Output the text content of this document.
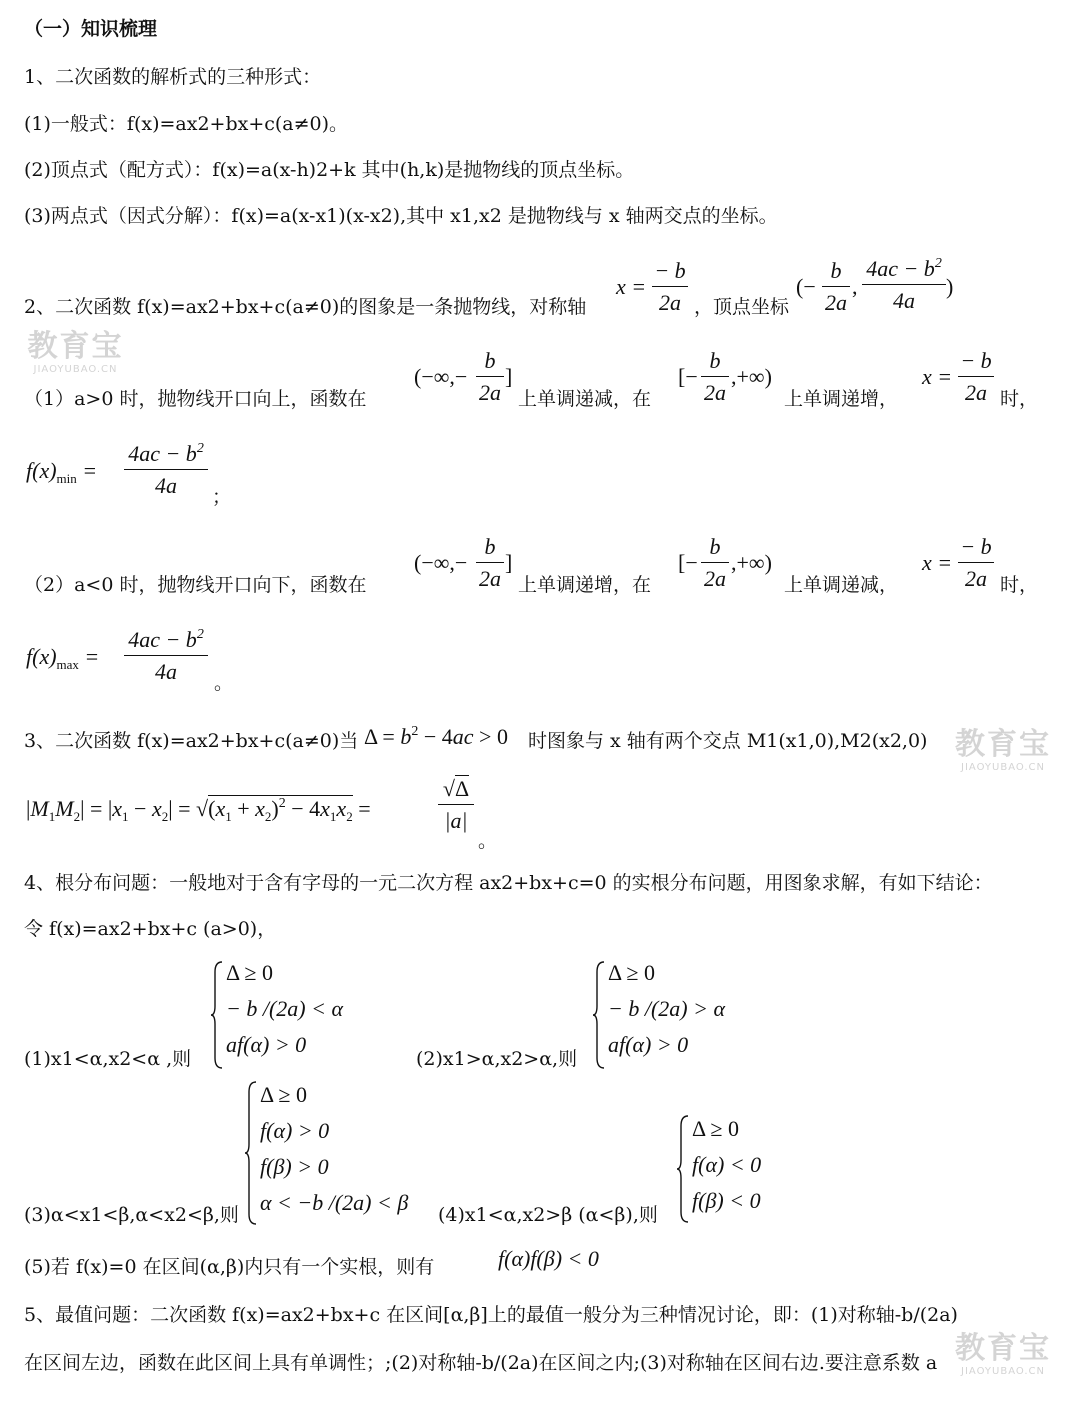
（一）知识梳理
1、二次函数的解析式的三种形式：
(1)一般式：f(x)=ax2+bx+c(a≠0)。
(2)顶点式（配方式）：f(x)=a(x-h)2+k 其中(h,k)是抛物线的顶点坐标。
(3)两点式（因式分解）：f(x)=a(x-x1)(x-x2),其中 x1,x2 是抛物线与 x 轴两交点的坐标。
2、二次函数 f(x)=ax2+bx+c(a≠0)的图象是一条抛物线，对称轴
x =
− b
2a ，顶点坐标
(−
b
2a
,
$4ac - b^2$
4a
)
教育宝
JIAOYUBAO.CN
（1）a>0 时，抛物线开口向上，函数在
(−∞,−
b
2a
]
上单调递减，在
[−
b
2a
,+∞)
上单调递增，
x =
− b
2a 时，
$f(x)_{min}$ =
$4ac - b^2$
4a	；
（2）a<0 时，抛物线开口向下，函数在
(−∞,−
b
2a
]
上单调递增，在
[−
b
2a
,+∞)
上单调递减，
x =
− b
2a 时，
$f(x)_{max}$ =
$4ac - b^2$
4a	。
3、二次函数 f(x)=ax2+bx+c(a≠0)当 $\Delta = b^2 - 4ac > 0$ 时图象与 x 轴有两个交点 M1(x1,0),M2(x2,0) 教育宝
JIAOYUBAO.CN
$|M_1M_2| = |x_1 - x_2| = √(x_1 + x_2)^2 - 4x_1x_2$ =
√Δ
|a|
。
4、根分布问题：一般地对于含有字母的一元二次方程 ax2+bx+c=0 的实根分布问题，用图象求解，有如下结论：
令 f(x)=ax2+bx+c (a>0)，
(1)x1<α,x2<α ,则
Δ ≥ 0
− b /(2a) < α
af(α) > 0
(2)x1>α,x2>α,则
Δ ≥ 0
− b /(2a) > α
af(α) > 0
(3)α<x1<β,α<x2<β,则
Δ ≥ 0
f(α) > 0
f(β) > 0
α < −b /(2a) < β (4)x1<α,x2>β (α<β),则
Δ ≥ 0
f(α) < 0
f(β) < 0
(5)若 f(x)=0 在区间(α,β)内只有一个实根，则有	f(α)f(β) < 0
5、最值问题：二次函数 f(x)=ax2+bx+c 在区间[α,β]上的最值一般分为三种情况讨论，即：(1)对称轴-b/(2a)
在区间左边，函数在此区间上具有单调性；;(2)对称轴-b/(2a)在区间之内;(3)对称轴在区间右边.要注意系数 a 教育宝
JIAOYUBAO.CN
